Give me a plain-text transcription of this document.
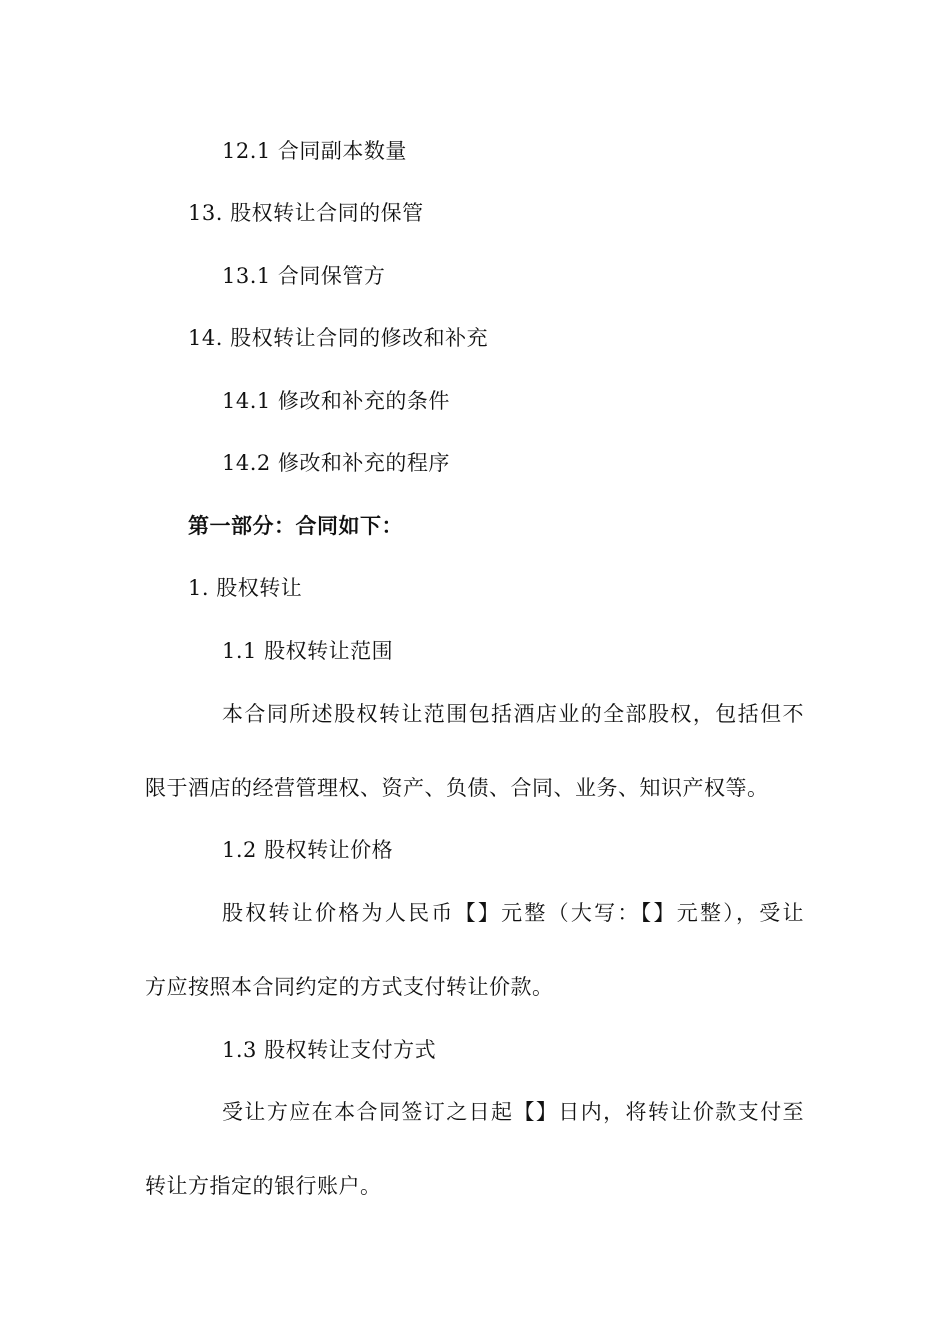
12.1 合同副本数量
13. 股权转让合同的保管
13.1 合同保管方
14. 股权转让合同的修改和补充
14.1 修改和补充的条件
14.2 修改和补充的程序
第一部分：合同如下：
1. 股权转让
1.1 股权转让范围
本合同所述股权转让范围包括酒店业的全部股权，包括但不
限于酒店的经营管理权、资产、负债、合同、业务、知识产权等。
1.2 股权转让价格
股权转让价格为人民币【】元整（大写：【】元整），受让
方应按照本合同约定的方式支付转让价款。
1.3 股权转让支付方式
受让方应在本合同签订之日起【】日内，将转让价款支付至
转让方指定的银行账户。
